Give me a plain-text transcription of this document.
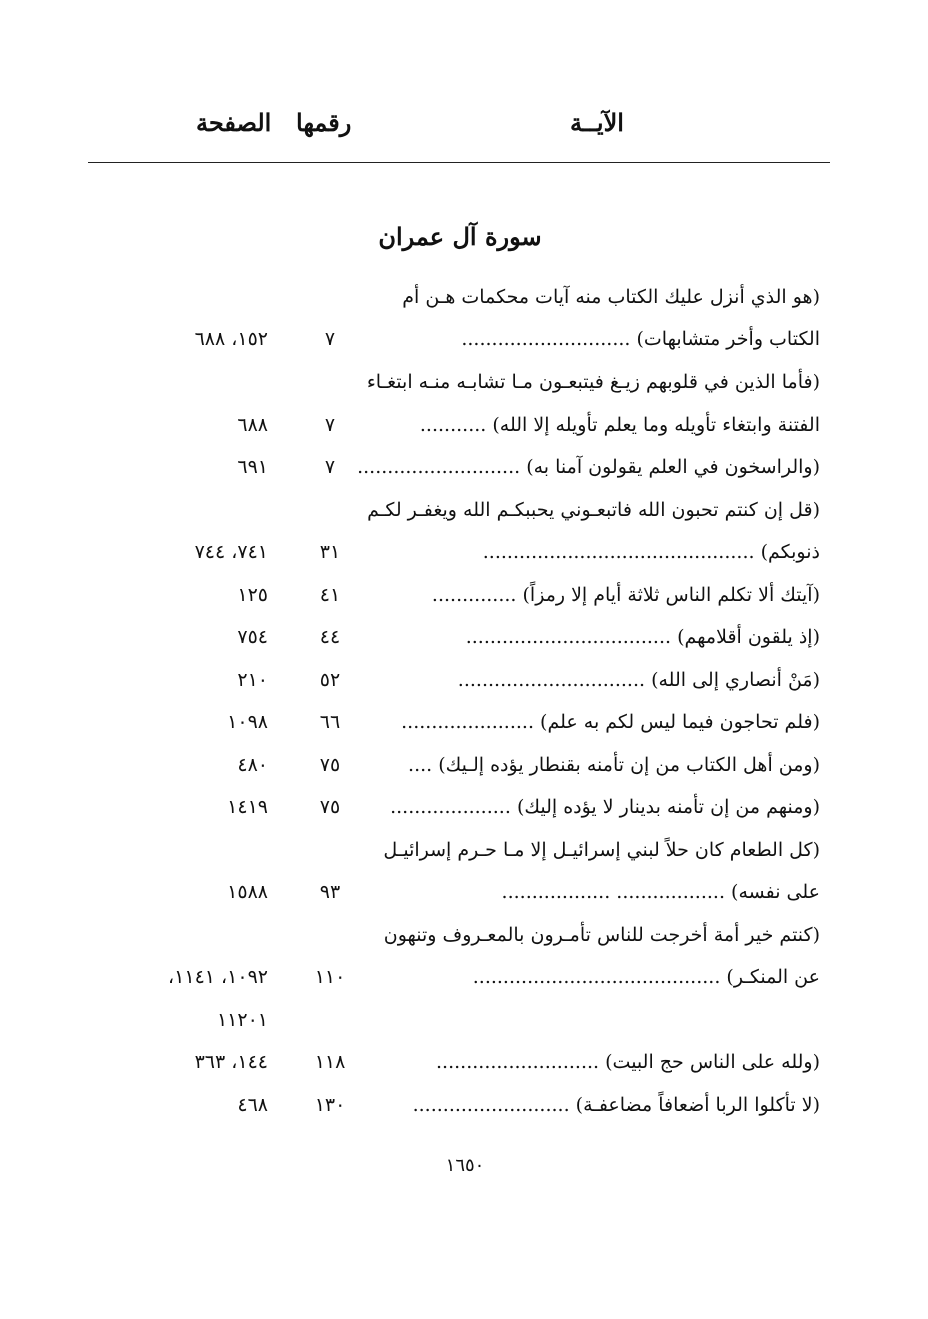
الآيــة
رقمها
الصفحة
سورة آل عمران
(هو الذي أنزل عليك الكتاب منه آيات محكمات هـن أم
الكتاب وأخر متشابهات) ............................
٧
١٥٢، ٦٨٨
(فأما الذين في قلوبهم زيـغ فيتبعـون مـا تشابـه منـه ابتغـاء
الفتنة وابتغاء تأويله وما يعلم تأويله إلا الله) ...........
٧
٦٨٨
(والراسخون في العلم يقولون آمنا به) ...........................
٧
٦٩١
(قل إن كنتم تحبون الله فاتبعـوني يحببكـم الله ويغفـر لكـم
ذنوبكم) .............................................
٣١
٧٤١، ٧٤٤
(آيتك ألا تكلم الناس ثلاثة أيام إلا رمزاً) ..............
٤١
١٢٥
(إذ يلقون أقلامهم) ..................................
٤٤
٧٥٤
(مَنْ أنصاري إلى الله) ...............................
٥٢
٢١٠
(فلم تحاجون فيما ليس لكم به علم) ......................
٦٦
١٠٩٨
(ومن أهل الكتاب من إن تأمنه بقنطار يؤده إلـيك) ....
٧٥
٤٨٠
(ومنهم من إن تأمنه بدينار لا يؤده إليك) ....................
٧٥
١٤١٩
(كل الطعام كان حلاً لبني إسرائيـل إلا مـا حـرم إسرائيـل
على نفسه) .................. ..................
٩٣
١٥٨٨
(كنتم خير أمة أخرجت للناس تأمـرون بالمعـروف وتنهون
عن المنكـر) .........................................
١١٠
١٠٩٢، ١١٤١،
١١٢٠١
(ولله على الناس حج البيت) ...........................
١١٨
١٤٤، ٣٦٣
(لا تأكلوا الربا أضعافاً مضاعفـة) ..........................
١٣٠
٤٦٨
١٦٥٠
